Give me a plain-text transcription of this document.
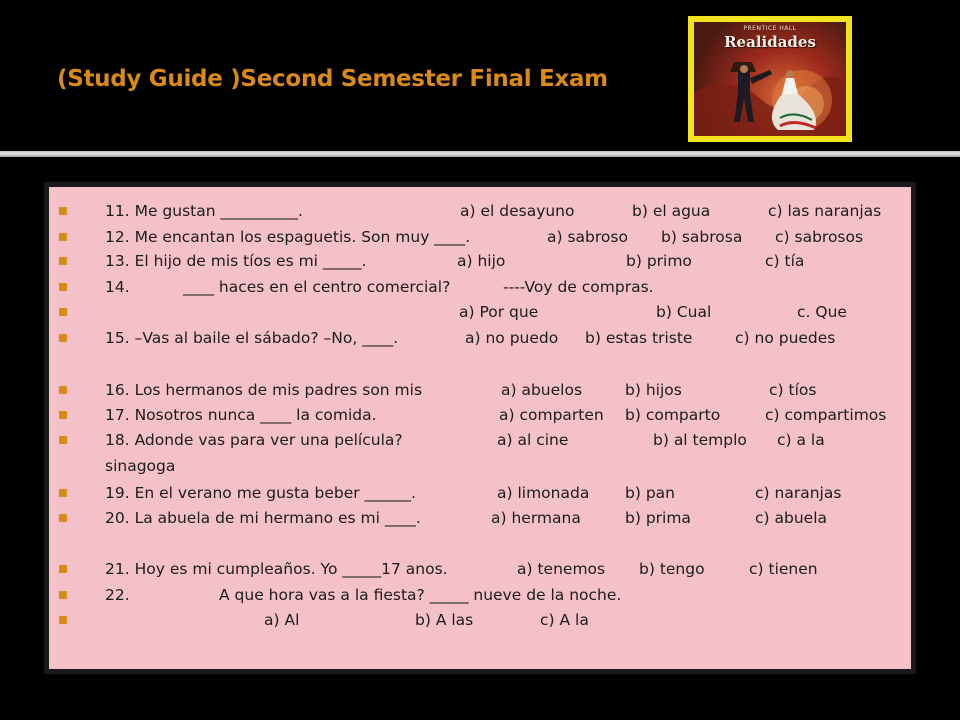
(Study Guide )Second Semester Final Exam
PRENTICE HALL
Realidades
11. Me gustan __________.	a) el desayuno	b) el agua	c) las naranjas
12. Me encantan los espaguetis. Son muy ____.	a) sabroso b) sabrosa c) sabrosos
13. El hijo de mis tíos es mi _____.	a) hijo	b) primo	c) tía
14.	____ haces en el centro comercial?	----Voy de compras.
a) Por que	b) Cual	c. Que
15. –Vas al baile el sábado? –No, ____.	a) no puedo b) estas triste	c) no puedes
16. Los hermanos de mis padres son mis	a) abuelos	b) hijos	c) tíos
17. Nosotros nunca ____ la comida.	a) comparten b) comparto	c) compartimos
18. Adonde vas para ver una película?	a) al cine	b) al templo c) a la
sinagoga
19. En el verano me gusta beber ______.	a) limonada b) pan	c) naranjas
20. La abuela de mi hermano es mi ____.	a) hermana	b) prima	c) abuela
21. Hoy es mi cumpleaños. Yo _____17 anos.	a) tenemos b) tengo	c) tienen
22.	A que hora vas a la fiesta? _____ nueve de la noche.
a) Al	b) A las	c) A la
